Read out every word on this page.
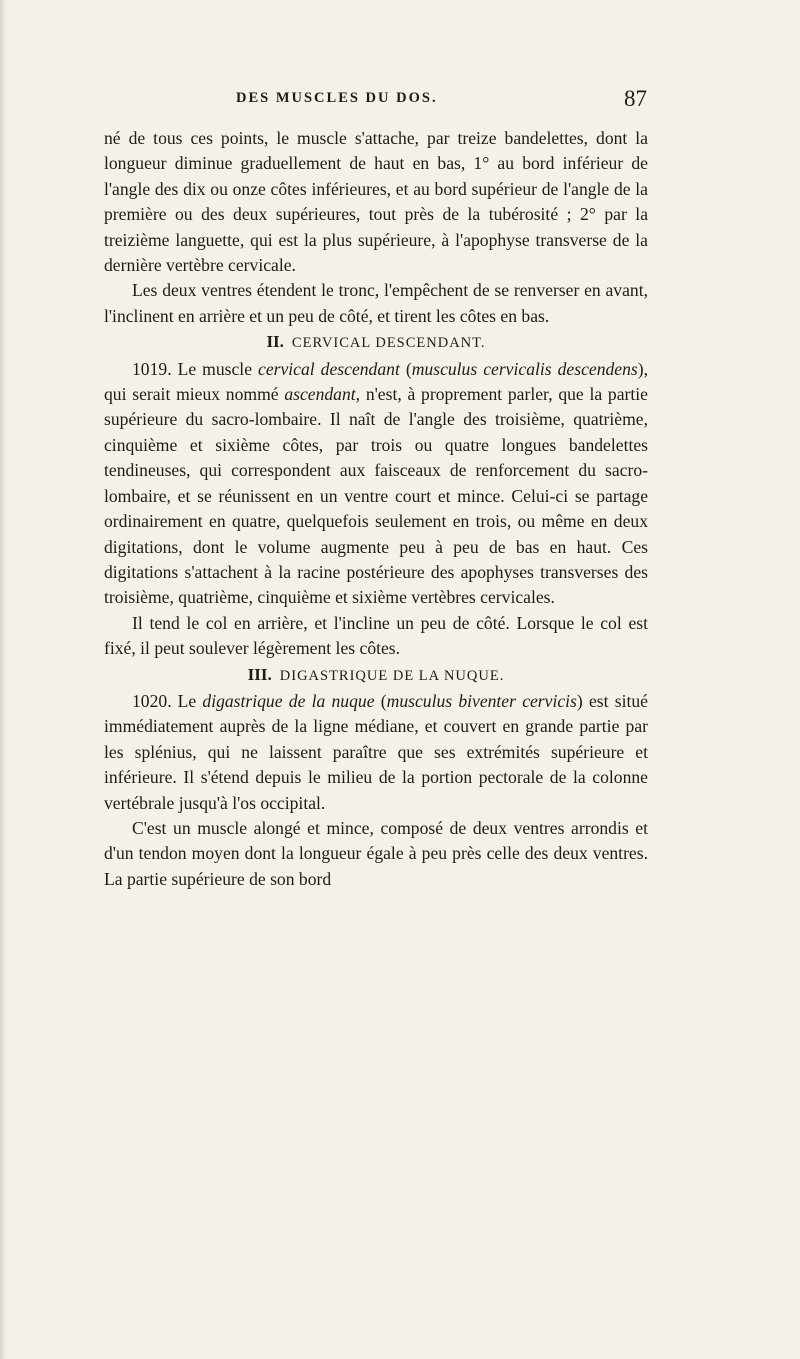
DES MUSCLES DU DOS.	87

né de tous ces points, le muscle s'attache, par treize bandelettes, dont la longueur diminue graduellement de haut en bas, 1° au bord inférieur de l'angle des dix ou onze côtes inférieures, et au bord supérieur de l'angle de la première ou des deux supérieures, tout près de la tubérosité ; 2° par la treizième languette, qui est la plus supérieure, à l'apophyse transverse de la dernière vertèbre cervicale.

Les deux ventres étendent le tronc, l'empêchent de se renverser en avant, l'inclinent en arrière et un peu de côté, et tirent les côtes en bas.

II. CERVICAL DESCENDANT.

1019. Le muscle cervical descendant (musculus cervicalis descendens), qui serait mieux nommé ascendant, n'est, à proprement parler, que la partie supérieure du sacro-lombaire. Il naît de l'angle des troisième, quatrième, cinquième et sixième côtes, par trois ou quatre longues bandelettes tendineuses, qui correspondent aux faisceaux de renforcement du sacro-lombaire, et se réunissent en un ventre court et mince. Celui-ci se partage ordinairement en quatre, quelquefois seulement en trois, ou même en deux digitations, dont le volume augmente peu à peu de bas en haut. Ces digitations s'attachent à la racine postérieure des apophyses transverses des troisième, quatrième, cinquième et sixième vertèbres cervicales.

Il tend le col en arrière, et l'incline un peu de côté. Lorsque le col est fixé, il peut soulever légèrement les côtes.

III. DIGASTRIQUE DE LA NUQUE.

1020. Le digastrique de la nuque (musculus biventer cervicis) est situé immédiatement auprès de la ligne médiane, et couvert en grande partie par les splénius, qui ne laissent paraître que ses extrémités supérieure et inférieure. Il s'étend depuis le milieu de la portion pectorale de la colonne vertébrale jusqu'à l'os occipital.

C'est un muscle alongé et mince, composé de deux ventres arrondis et d'un tendon moyen dont la longueur égale à peu près celle des deux ventres. La partie supérieure de son bord
